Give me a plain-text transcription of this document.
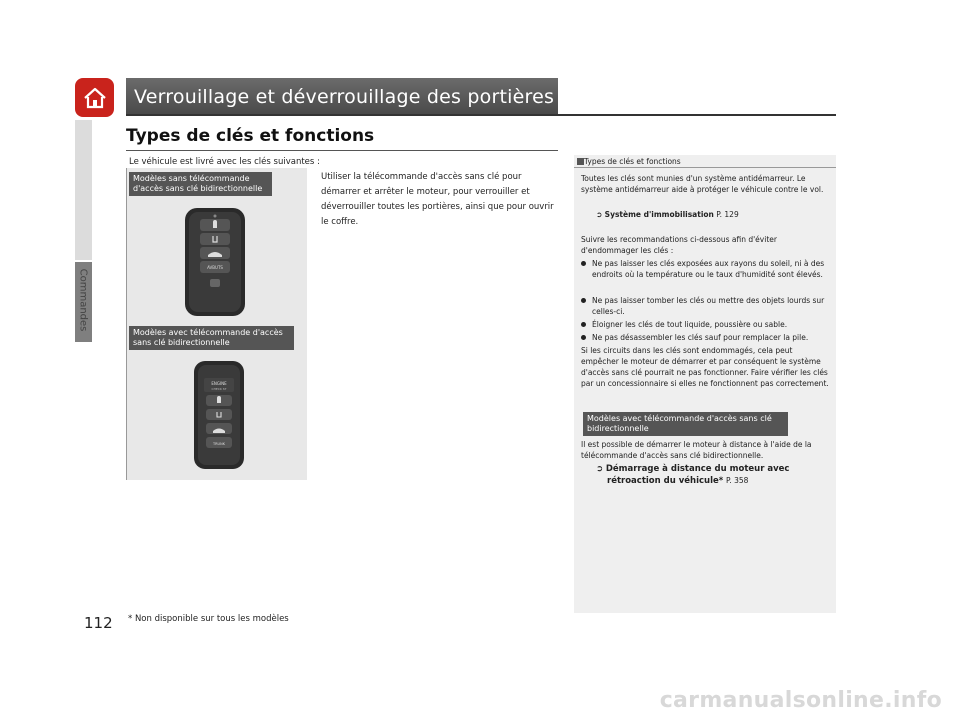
Commandes
Verrouillage et déverrouillage des portières
Types de clés et fonctions
Le véhicule est livré avec les clés suivantes :
Utiliser la télécommande d'accès sans clé pour démarrer et arrêter le moteur, pour verrouiller et déverrouiller toutes les portières, ainsi que pour ouvrir le coffre.
Modèles sans télécommande d'accès sans clé bidirectionnelle
Modèles avec télécommande d'accès sans clé bidirectionnelle
AVBUTS
ENGINE
CHECK ST
TRUNK
Types de clés et fonctions
Toutes les clés sont munies d'un système antidémarreur. Le système antidémarreur aide à protéger le véhicule contre le vol.
➲ Système d'immobilisation P. 129
Suivre les recommandations ci-dessous afin d'éviter d'endommager les clés :
Ne pas laisser les clés exposées aux rayons du soleil, ni à des endroits où la température ou le taux d'humidité sont élevés.
Ne pas laisser tomber les clés ou mettre des objets lourds sur celles-ci.
Éloigner les clés de tout liquide, poussière ou sable.
Ne pas désassembler les clés sauf pour remplacer la pile.
Si les circuits dans les clés sont endommagés, cela peut empêcher le moteur de démarrer et par conséquent le système d'accès sans clé pourrait ne pas fonctionner. Faire vérifier les clés par un concessionnaire si elles ne fonctionnent pas correctement.
Modèles avec télécommande d'accès sans clé bidirectionnelle
Il est possible de démarrer le moteur à distance à l'aide de la télécommande d'accès sans clé bidirectionnelle.
➲ Démarrage à distance du moteur avec
rétroaction du véhicule* P. 358
112 * Non disponible sur tous les modèles
carmanualsonline.info
